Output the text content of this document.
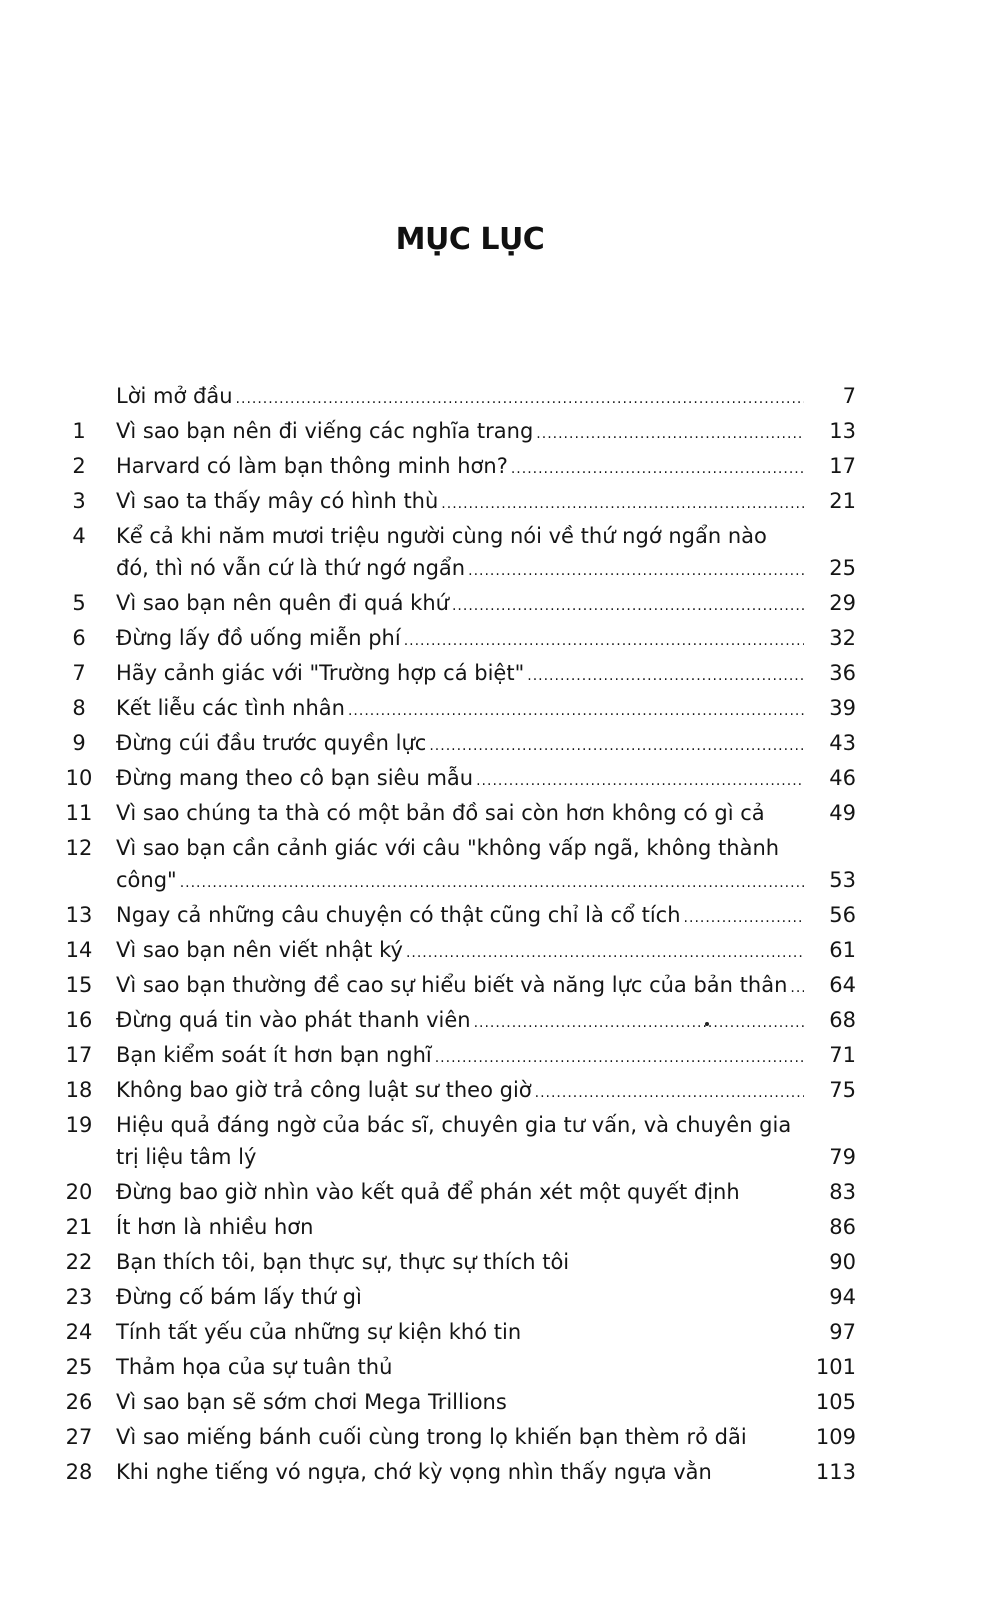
MỤC LỤC
Lời mở đầu .....	7
1	Vì sao bạn nên đi viếng các nghĩa trang .....	13
2	Harvard có làm bạn thông minh hơn? .....	17
3	Vì sao ta thấy mây có hình thù .....	21
4	Kể cả khi năm mươi triệu người cùng nói về thứ ngớ ngẩn nào
đó, thì nó vẫn cứ là thứ ngớ ngẩn .....	25
5	Vì sao bạn nên quên đi quá khứ .....	29
6	Đừng lấy đồ uống miễn phí .....	32
7	Hãy cảnh giác với "Trường hợp cá biệt" .....	36
8	Kết liễu các tình nhân .....	39
9	Đừng cúi đầu trước quyền lực .....	43
10 Đừng mang theo cô bạn siêu mẫu .....	46
11 Vì sao chúng ta thà có một bản đồ sai còn hơn không có gì cả	49
12 Vì sao bạn cần cảnh giác với câu "không vấp ngã, không thành
công" .....	53
13 Ngay cả những câu chuyện có thật cũng chỉ là cổ tích .....	56
14 Vì sao bạn nên viết nhật ký .....	61
15 Vì sao bạn thường đề cao sự hiểu biết và năng lực của bản thân .....	64
16 Đừng quá tin vào phát thanh viên .....	68
17 Bạn kiểm soát ít hơn bạn nghĩ .....	71
18 Không bao giờ trả công luật sư theo giờ .....	75
19 Hiệu quả đáng ngờ của bác sĩ, chuyên gia tư vấn, và chuyên gia
trị liệu tâm lý	79
20 Đừng bao giờ nhìn vào kết quả để phán xét một quyết định	83
21 Ít hơn là nhiều hơn	86
22 Bạn thích tôi, bạn thực sự, thực sự thích tôi	90
23 Đừng cố bám lấy thứ gì	94
24 Tính tất yếu của những sự kiện khó tin	97
25 Thảm họa của sự tuân thủ	101
26 Vì sao bạn sẽ sớm chơi Mega Trillions	105
27 Vì sao miếng bánh cuối cùng trong lọ khiến bạn thèm rỏ dãi	109
28 Khi nghe tiếng vó ngựa, chớ kỳ vọng nhìn thấy ngựa vằn	113
